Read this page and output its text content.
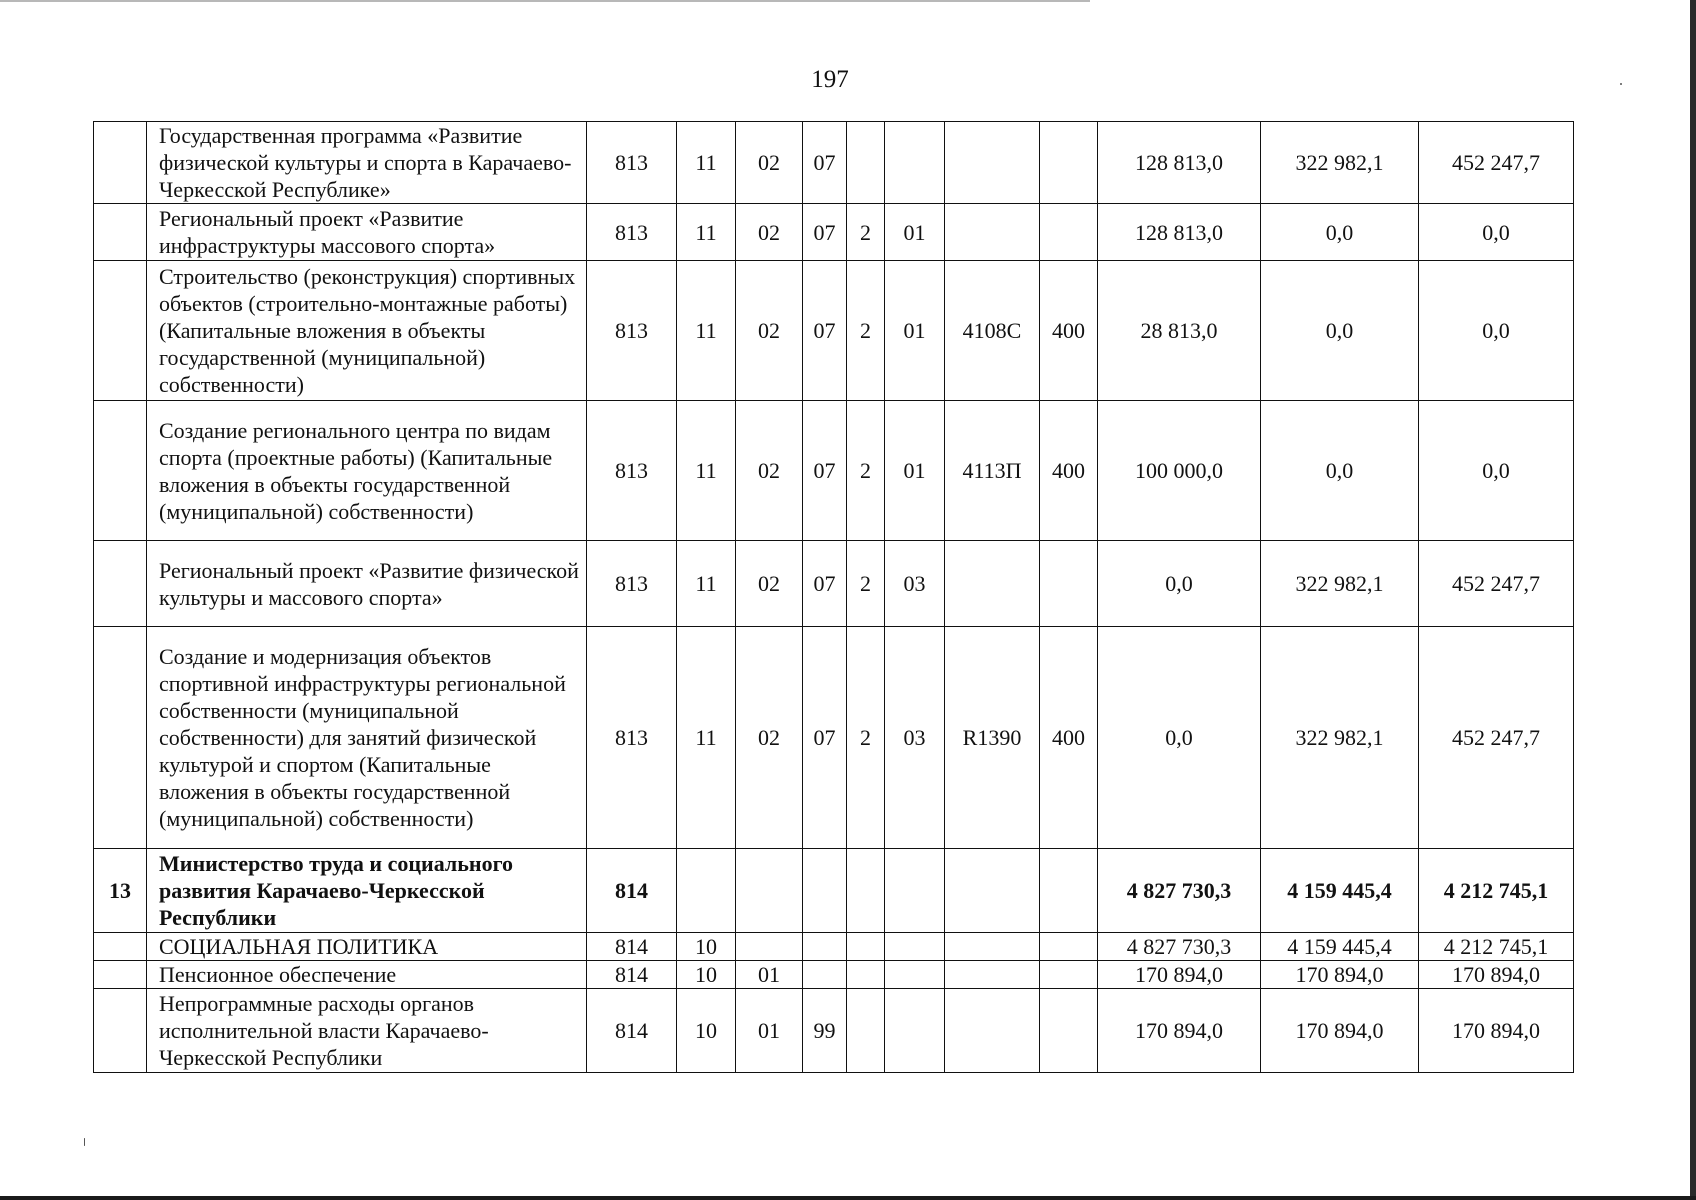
197
	Государственная программа «Развитие физической культуры и спорта в Карачаево-Черкесской Республике»	813	11	02	07					128 813,0	322 982,1	452 247,7
	Региональный проект «Развитие инфраструктуры массового спорта»	813	11	02	07	2	01			128 813,0	0,0	0,0
	Строительство (реконструкция) спортивных объектов (строительно-монтажные работы) (Капитальные вложения в объекты государственной (муниципальной) собственности)	813	11	02	07	2	01	4108С	400	28 813,0	0,0	0,0
	Создание регионального центра по видам спорта (проектные работы) (Капитальные вложения в объекты государственной (муниципальной) собственности)	813	11	02	07	2	01	4113П	400	100 000,0	0,0	0,0
	Региональный проект «Развитие физической культуры и массового спорта»	813	11	02	07	2	03			0,0	322 982,1	452 247,7
	Создание и модернизация объектов спортивной инфраструктуры региональной собственности (муниципальной собственности) для занятий физической культурой и спортом (Капитальные вложения в объекты государственной (муниципальной) собственности)	813	11	02	07	2	03	R1390	400	0,0	322 982,1	452 247,7
13	Министерство труда и социального развития Карачаево-Черкесской Республики	814								4 827 730,3	4 159 445,4	4 212 745,1
	СОЦИАЛЬНАЯ ПОЛИТИКА	814	10							4 827 730,3	4 159 445,4	4 212 745,1
	Пенсионное обеспечение	814	10	01						170 894,0	170 894,0	170 894,0
	Непрограммные расходы органов исполнительной власти Карачаево-Черкесской Республики	814	10	01	99					170 894,0	170 894,0	170 894,0
